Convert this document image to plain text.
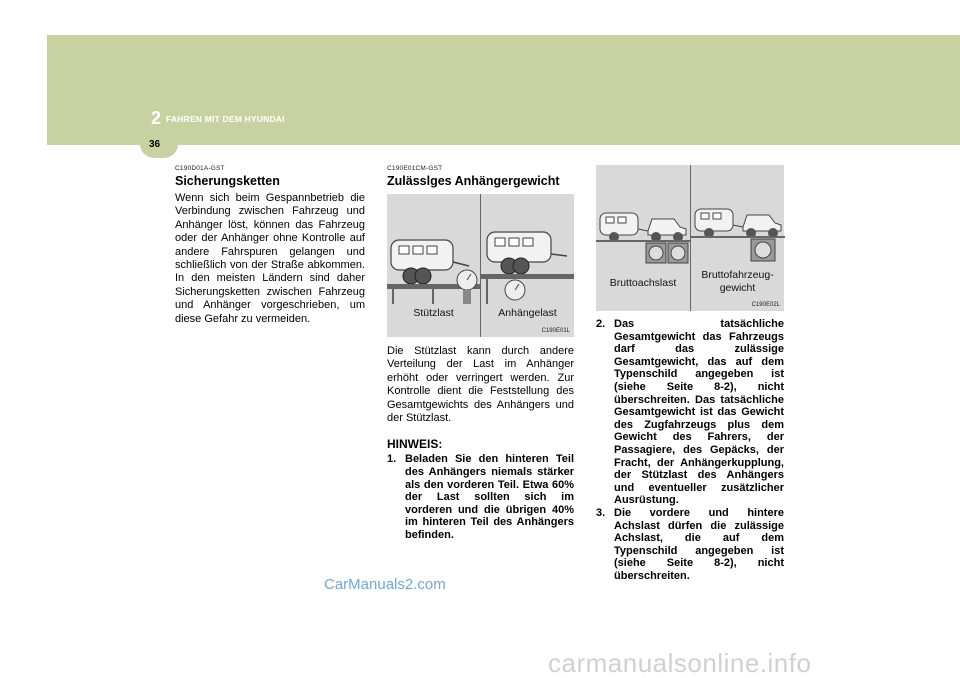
2 FAHREN MIT DEM HYUNDAI
36
C190D01A-GST
Sicherungsketten

Wenn sich beim Gespannbetrieb die Verbindung zwischen Fahrzeug und Anhänger löst, können das Fahrzeug oder der Anhänger ohne Kontrolle auf andere Fahrspuren gelangen und schließlich von der Straße abkommen. In den meisten Ländern sind daher Sicherungsketten zwischen Fahrzeug und Anhänger vorgeschrieben, um diese Gefahr zu vermeiden.

C190E01CM-GST
Zulässlges Anhängergewicht
Stützlast	Anhängelast
C190E01L

Die Stützlast kann durch andere Verteilung der Last im Anhänger erhöht oder verringert werden. Zur Kontrolle dient die Feststellung des Gesamtgewichts des Anhängers und der Stützlast.

HINWEIS:
1. Beladen Sie den hinteren Teil des Anhängers niemals stärker als den vorderen Teil. Etwa 60% der Last sollten sich im vorderen und die übrigen 40% im hinteren Teil des Anhängers befinden.
Bruttoachslast
Bruttofahrzeug-
gewicht
C190E02L
2. Das tatsächliche Gesamtgewicht das Fahrzeugs darf das zulässige Gesamtgewicht, das auf dem Typenschild angegeben ist (siehe Seite 8-2), nicht überschreiten. Das tatsächliche Gesamtgewicht ist das Gewicht des Zugfahrzeugs plus dem Gewicht des Fahrers, der Passagiere, des Gepäcks, der Fracht, der Anhängerkupplung, der Stützlast des Anhängers und eventueller zusätzlicher Ausrüstung.
3. Die vordere und hintere Achslast dürfen die zulässige Achslast, die auf dem Typenschild angegeben ist (siehe Seite 8-2), nicht überschreiten.
CarManuals2.com
carmanualsonline.info
